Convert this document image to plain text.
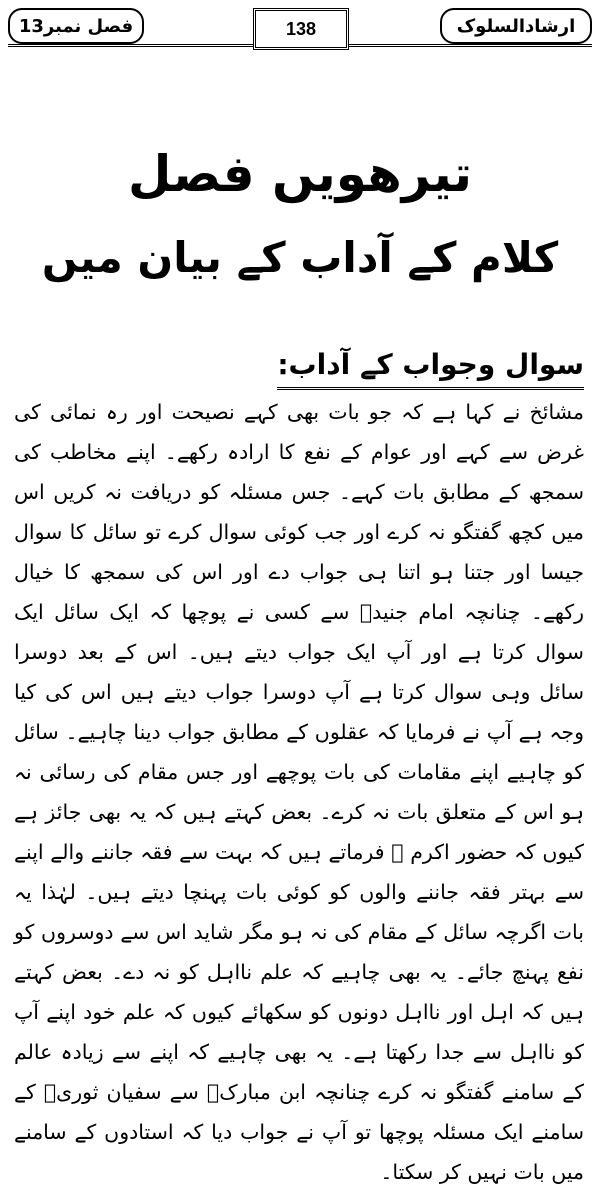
ارشادالسلوک
138
فصل نمبر13
تیرھویں فصل
کلام کے آداب کے بیان میں
سوال وجواب کے آداب:
مشائخ نے کہا ہے کہ جو بات بھی کہے نصیحت اور رہ نمائی کی غرض سے کہے اور عوام کے نفع کا ارادہ رکھے۔ اپنے مخاطب کی سمجھ کے مطابق بات کہے۔ جس مسئلہ کو دریافت نہ کریں اس میں کچھ گفتگو نہ کرے اور جب کوئی سوال کرے تو سائل کا سوال جیسا اور جتنا ہو اتنا ہی جواب دے اور اس کی سمجھ کا خیال رکھے۔ چنانچہ امام جنیدؒ سے کسی نے پوچھا کہ ایک سائل ایک سوال کرتا ہے اور آپ ایک جواب دیتے ہیں۔ اس کے بعد دوسرا سائل وہی سوال کرتا ہے آپ دوسرا جواب دیتے ہیں اس کی کیا وجہ ہے آپ نے فرمایا کہ عقلوں کے مطابق جواب دینا چاہیے۔ سائل کو چاہیے اپنے مقامات کی بات پوچھے اور جس مقام کی رسائی نہ ہو اس کے متعلق بات نہ کرے۔ بعض کہتے ہیں کہ یہ بھی جائز ہے کیوں کہ حضور اکرم ﷺ فرماتے ہیں کہ بہت سے فقہ جاننے والے اپنے سے بہتر فقہ جاننے والوں کو کوئی بات پہنچا دیتے ہیں۔ لہٰذا یہ بات اگرچہ سائل کے مقام کی نہ ہو مگر شاید اس سے دوسروں کو نفع پہنچ جائے۔ یہ بھی چاہیے کہ علم نااہل کو نہ دے۔ بعض کہتے ہیں کہ اہل اور نااہل دونوں کو سکھائے کیوں کہ علم خود اپنے آپ کو نااہل سے جدا رکھتا ہے۔ یہ بھی چاہیے کہ اپنے سے زیادہ عالم کے سامنے گفتگو نہ کرے چنانچہ ابن مبارکؒ سے سفیان ثوریؒ کے سامنے ایک مسئلہ پوچھا تو آپ نے جواب دیا کہ استادوں کے سامنے میں بات نہیں کر سکتا۔
